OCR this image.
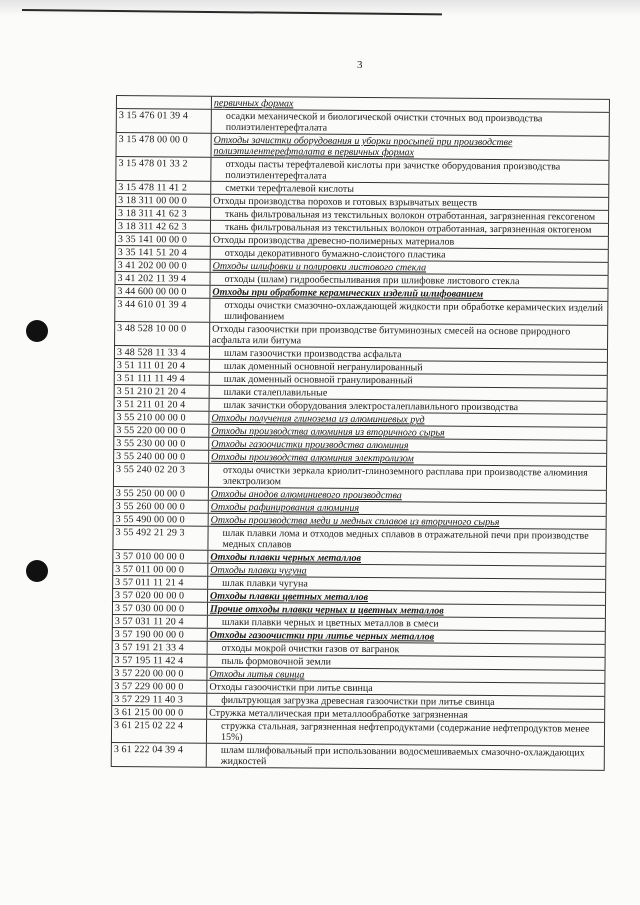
3
первичных формах
3 15 476 01 39 4	осадки механической и биологической очистки сточных вод производства полиэтилентерефталата
3 15 478 00 00 0	Отходы зачистки оборудования и уборки просыпей при производстве полиэтилентерефталата в первичных формах
3 15 478 01 33 2	отходы пасты терефталевой кислоты при зачистке оборудования производства полиэтилентерефталата
3 15 478 11 41 2	сметки терефталевой кислоты
3 18 311 00 00 0	Отходы производства порохов и готовых взрывчатых веществ
3 18 311 41 62 3	ткань фильтровальная из текстильных волокон отработанная, загрязненная гексогеном
3 18 311 42 62 3	ткань фильтровальная из текстильных волокон отработанная, загрязненная октогеном
3 35 141 00 00 0	Отходы производства древесно-полимерных материалов
3 35 141 51 20 4	отходы декоративного бумажно-слоистого пластика
3 41 202 00 00 0	Отходы шлифовки и полировки листового стекла
3 41 202 11 39 4	отходы (шлам) гидрообеспыливания при шлифовке листового стекла
3 44 600 00 00 0	Отходы при обработке керамических изделий шлифованием
3 44 610 01 39 4	отходы очистки смазочно-охлаждающей жидкости при обработке керамических изделий шлифованием
3 48 528 10 00 0	Отходы газоочистки при производстве битуминозных смесей на основе природного асфальта или битума
3 48 528 11 33 4	шлам газоочистки производства асфальта
3 51 111 01 20 4	шлак доменный основной негранулированный
3 51 111 11 49 4	шлак доменный основной гранулированный
3 51 210 21 20 4	шлаки сталеплавильные
3 51 211 01 20 4	шлак зачистки оборудования электросталеплавильного производства
3 55 210 00 00 0	Отходы получения глинозема из алюминиевых руд
3 55 220 00 00 0	Отходы производства алюминия из вторичного сырья
3 55 230 00 00 0	Отходы газоочистки производства алюминия
3 55 240 00 00 0	Отходы производства алюминия электролизом
3 55 240 02 20 3	отходы очистки зеркала криолит-глиноземного расплава при производстве алюминия электролизом
3 55 250 00 00 0	Отходы анодов алюминиевого производства
3 55 260 00 00 0	Отходы рафинирования алюминия
3 55 490 00 00 0	Отходы производства меди и медных сплавов из вторичного сырья
3 55 492 21 29 3	шлак плавки лома и отходов медных сплавов в отражательной печи при производстве медных сплавов
3 57 010 00 00 0	Отходы плавки черных металлов
3 57 011 00 00 0	Отходы плавки чугуна
3 57 011 11 21 4	шлак плавки чугуна
3 57 020 00 00 0	Отходы плавки цветных металлов
3 57 030 00 00 0	Прочие отходы плавки черных и цветных металлов
3 57 031 11 20 4	шлаки плавки черных и цветных металлов в смеси
3 57 190 00 00 0	Отходы газоочистки при литье черных металлов
3 57 191 21 33 4	отходы мокрой очистки газов от вагранок
3 57 195 11 42 4	пыль формовочной земли
3 57 220 00 00 0	Отходы литья свинца
3 57 229 00 00 0	Отходы газоочистки при литье свинца
3 57 229 11 40 3	фильтрующая загрузка древесная газоочистки при литье свинца
3 61 215 00 00 0	Стружка металлическая при металлообработке загрязненная
3 61 215 02 22 4	стружка стальная, загрязненная нефтепродуктами (содержание нефтепродуктов менее 15%)
3 61 222 04 39 4	шлам шлифовальный при использовании водосмешиваемых смазочно-охлаждающих жидкостей
